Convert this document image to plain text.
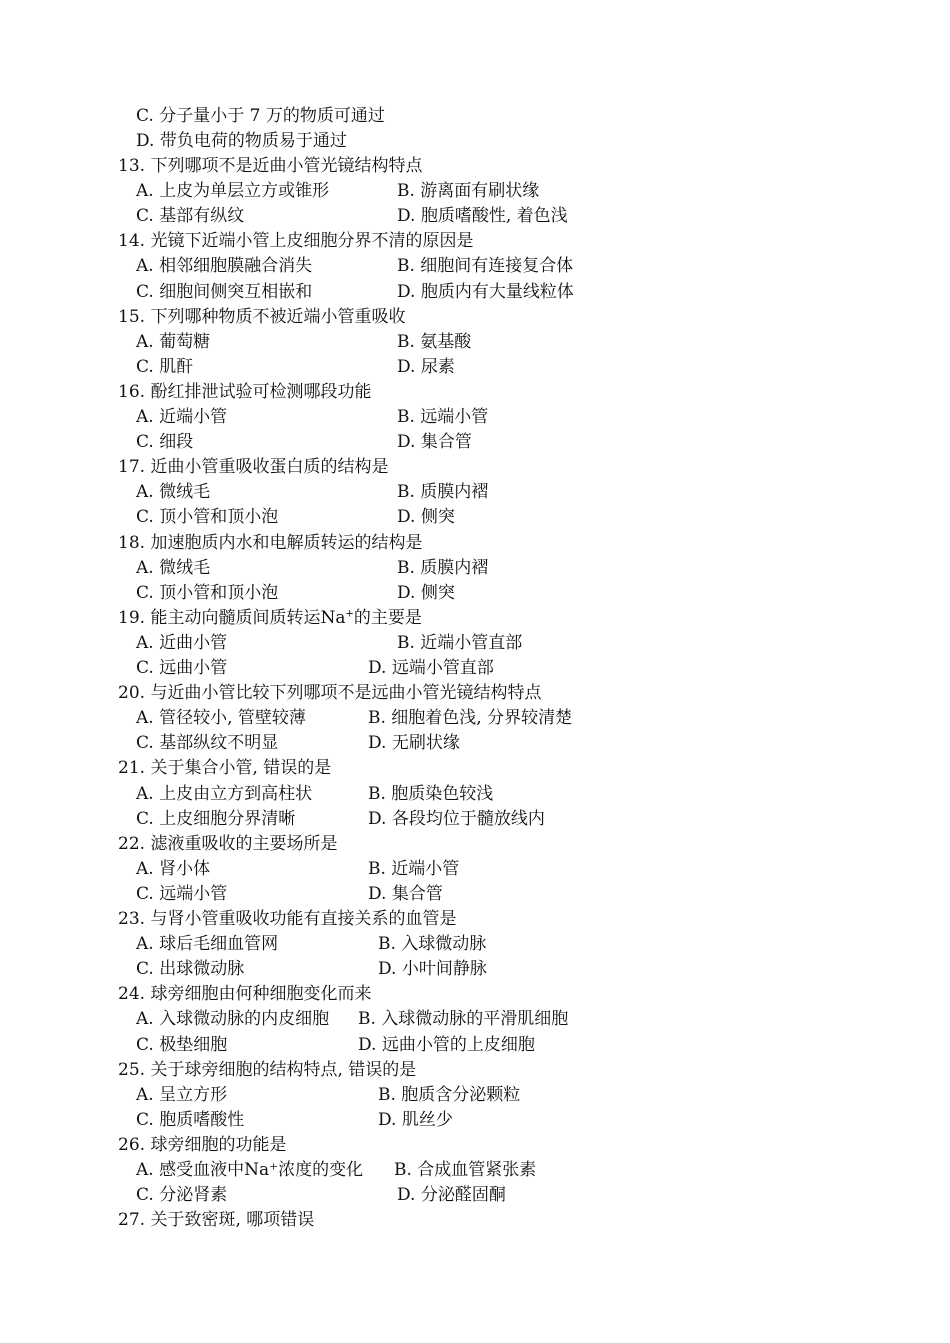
C. 分子量小于 7 万的物质可通过
D. 带负电荷的物质易于通过
13. 下列哪项不是近曲小管光镜结构特点
A. 上皮为单层立方或锥形	B. 游离面有刷状缘
C. 基部有纵纹	D. 胞质嗜酸性, 着色浅
14. 光镜下近端小管上皮细胞分界不清的原因是
A. 相邻细胞膜融合消失	B. 细胞间有连接复合体
C. 细胞间侧突互相嵌和	D. 胞质内有大量线粒体
15. 下列哪种物质不被近端小管重吸收
A. 葡萄糖	B. 氨基酸
C. 肌酐	D. 尿素
16. 酚红排泄试验可检测哪段功能
A. 近端小管	B. 远端小管
C. 细段	D. 集合管
17. 近曲小管重吸收蛋白质的结构是
A. 微绒毛	B. 质膜内褶
C. 顶小管和顶小泡	D. 侧突
18. 加速胞质内水和电解质转运的结构是
A. 微绒毛	B. 质膜内褶
C. 顶小管和顶小泡	D. 侧突
19. 能主动向髓质间质转运Na+的主要是
A. 近曲小管	B. 近端小管直部
C. 远曲小管	D. 远端小管直部
20. 与近曲小管比较下列哪项不是远曲小管光镜结构特点
A. 管径较小, 管壁较薄	B. 细胞着色浅, 分界较清楚
C. 基部纵纹不明显	D. 无刷状缘
21. 关于集合小管, 错误的是
A. 上皮由立方到高柱状	B. 胞质染色较浅
C. 上皮细胞分界清晰	D. 各段均位于髓放线内
22. 滤液重吸收的主要场所是
A. 肾小体	B. 近端小管
C. 远端小管	D. 集合管
23. 与肾小管重吸收功能有直接关系的血管是
A. 球后毛细血管网	B. 入球微动脉
C. 出球微动脉	D. 小叶间静脉
24. 球旁细胞由何种细胞变化而来
A. 入球微动脉的内皮细胞 B. 入球微动脉的平滑肌细胞
C. 极垫细胞	D. 远曲小管的上皮细胞
25. 关于球旁细胞的结构特点, 错误的是
A. 呈立方形	B. 胞质含分泌颗粒
C. 胞质嗜酸性	D. 肌丝少
26. 球旁细胞的功能是
A. 感受血液中Na⁺浓度的变化 B. 合成血管紧张素
C. 分泌肾素	D. 分泌醛固酮
27. 关于致密斑, 哪项错误
